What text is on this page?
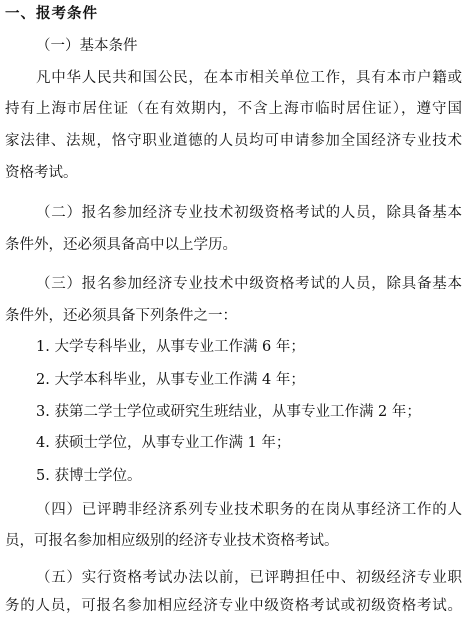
一、报考条件
（一）基本条件
凡中华人民共和国公民，在本市相关单位工作，具有本市户籍或
持有上海市居住证（在有效期内，不含上海市临时居住证），遵守国
家法律、法规，恪守职业道德的人员均可申请参加全国经济专业技术
资格考试。
（二）报名参加经济专业技术初级资格考试的人员，除具备基本
条件外，还必须具备高中以上学历。
（三）报名参加经济专业技术中级资格考试的人员，除具备基本
条件外，还必须具备下列条件之一：
1. 大学专科毕业，从事专业工作满 6 年；
2. 大学本科毕业，从事专业工作满 4 年；
3. 获第二学士学位或研究生班结业，从事专业工作满 2 年；
4. 获硕士学位，从事专业工作满 1 年；
5. 获博士学位。
（四）已评聘非经济系列专业技术职务的在岗从事经济工作的人
员，可报名参加相应级别的经济专业技术资格考试。
（五）实行资格考试办法以前，已评聘担任中、初级经济专业职
务的人员，可报名参加相应经济专业中级资格考试或初级资格考试。
